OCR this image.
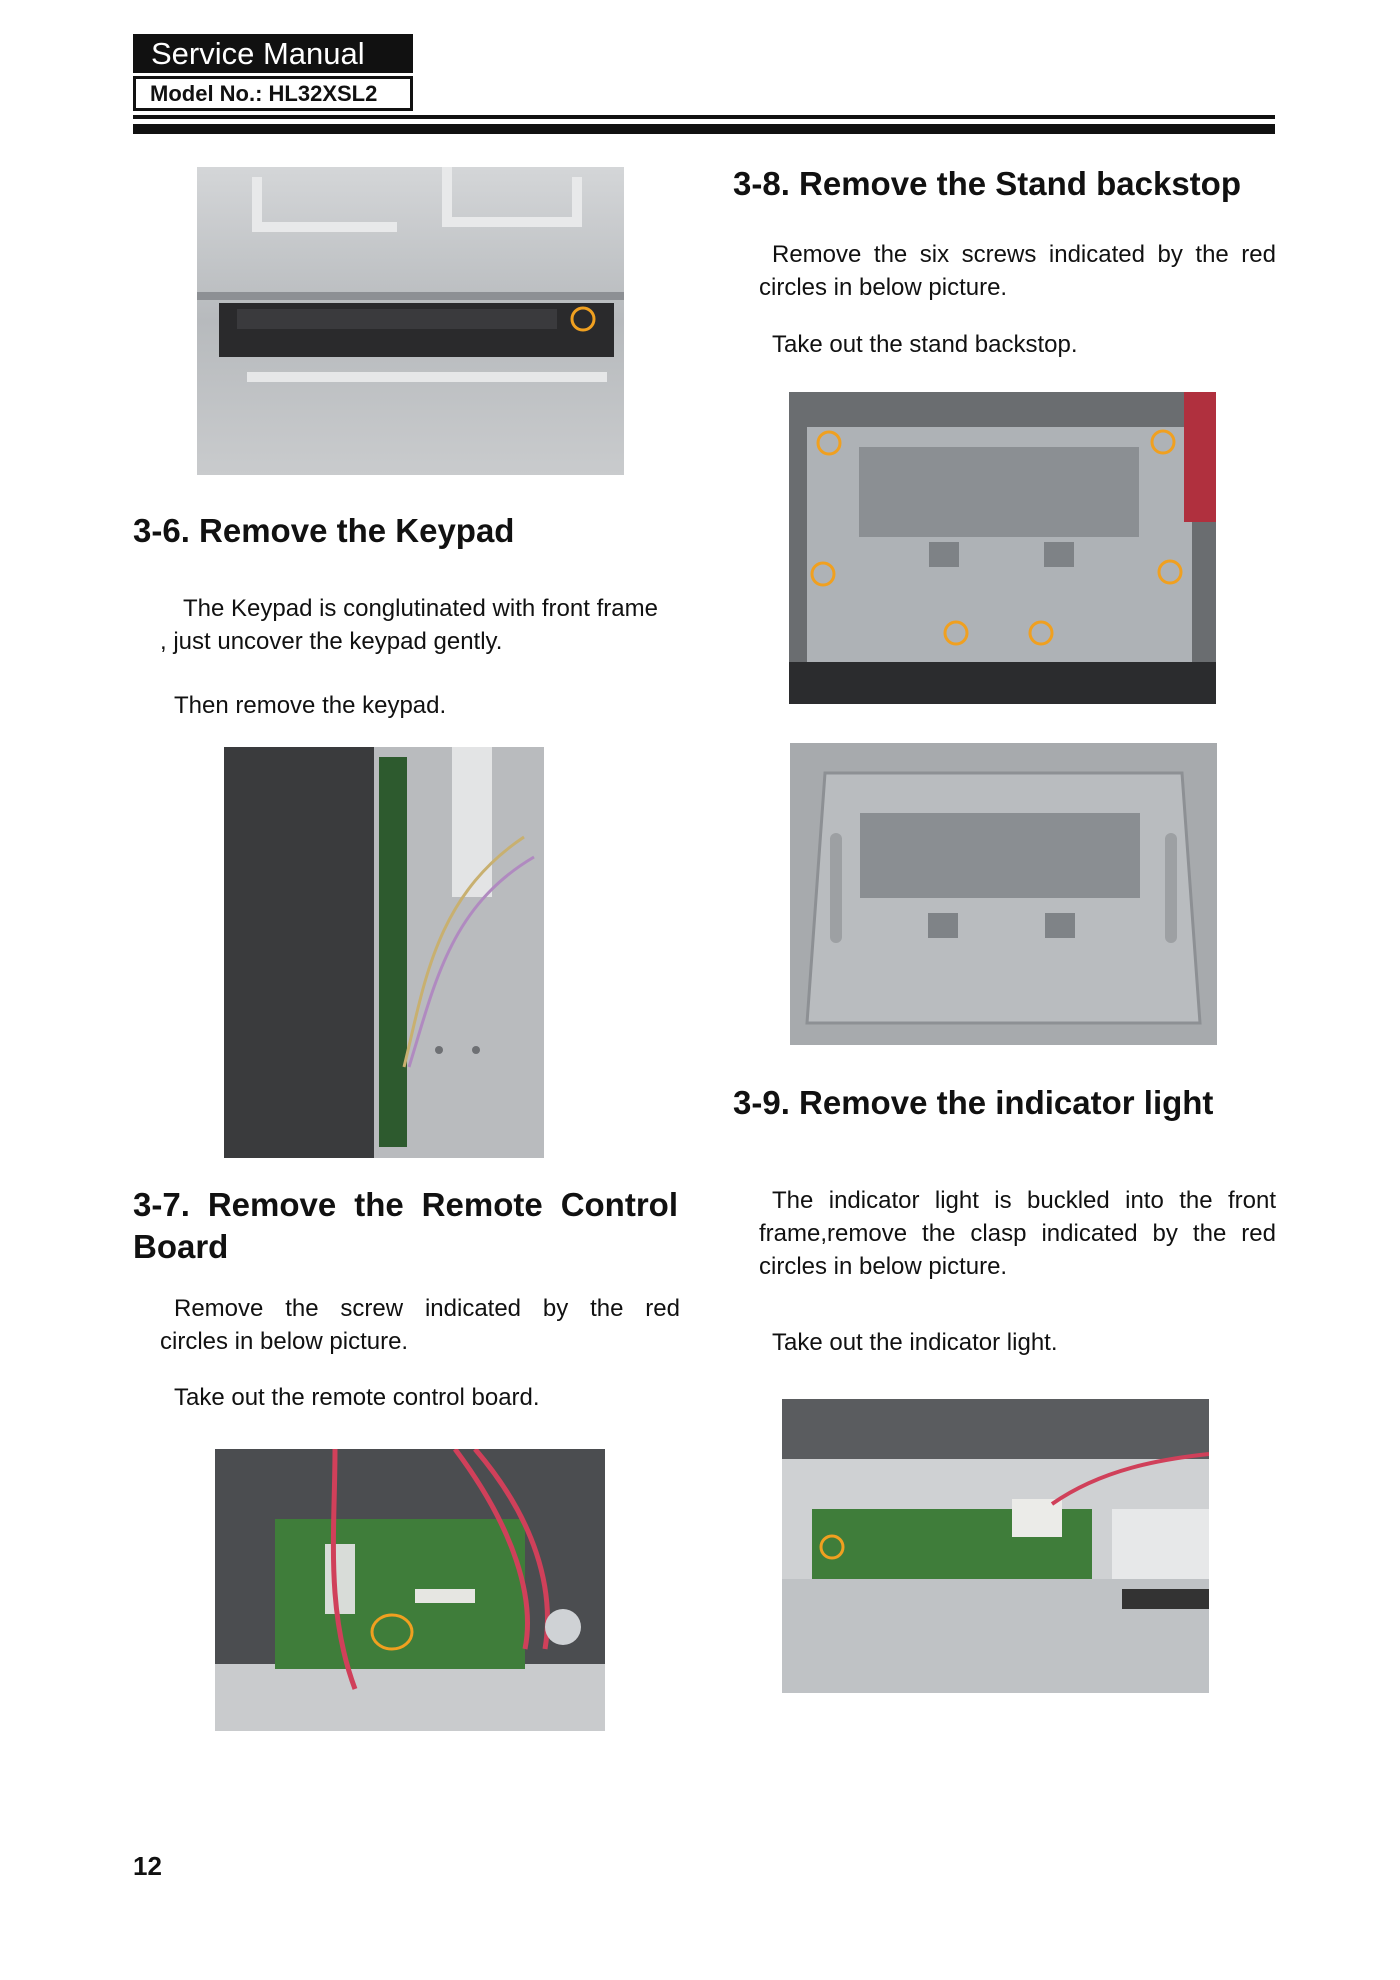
Service Manual
Model No.: HL32XSL2
3-6. Remove the Keypad

The Keypad is conglutinated with front frame

, just uncover the keypad gently.

Then remove the keypad.

3-7. Remove the Remote Control
Board

Remove the screw indicated by the red

circles in below picture.

Take out the remote control board.

3-8. Remove the Stand backstop

Remove the six screws indicated by the red

circles in below picture.

Take out the stand backstop.

3-9. Remove the indicator light

The indicator light is buckled into the front

frame,remove the clasp indicated by the red

circles in below picture.

Take out the indicator light.

12
